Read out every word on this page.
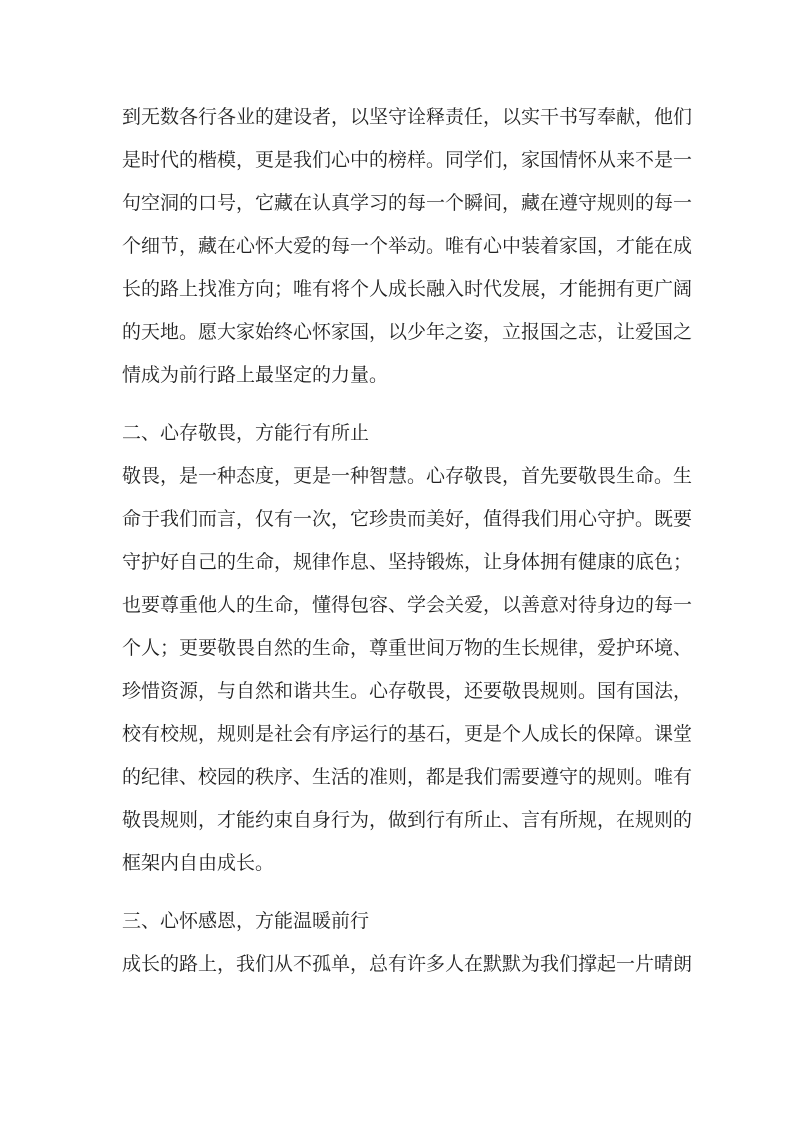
到无数各行各业的建设者，以坚守诠释责任，以实干书写奉献，他们
是时代的楷模，更是我们心中的榜样。同学们，家国情怀从来不是一
句空洞的口号，它藏在认真学习的每一个瞬间，藏在遵守规则的每一
个细节，藏在心怀大爱的每一个举动。唯有心中装着家国，才能在成
长的路上找准方向；唯有将个人成长融入时代发展，才能拥有更广阔
的天地。愿大家始终心怀家国，以少年之姿，立报国之志，让爱国之
情成为前行路上最坚定的力量。
二、心存敬畏，方能行有所止
敬畏，是一种态度，更是一种智慧。心存敬畏，首先要敬畏生命。生
命于我们而言，仅有一次，它珍贵而美好，值得我们用心守护。既要
守护好自己的生命，规律作息、坚持锻炼，让身体拥有健康的底色；
也要尊重他人的生命，懂得包容、学会关爱，以善意对待身边的每一
个人；更要敬畏自然的生命，尊重世间万物的生长规律，爱护环境、
珍惜资源，与自然和谐共生。心存敬畏，还要敬畏规则。国有国法，
校有校规，规则是社会有序运行的基石，更是个人成长的保障。课堂
的纪律、校园的秩序、生活的准则，都是我们需要遵守的规则。唯有
敬畏规则，才能约束自身行为，做到行有所止、言有所规，在规则的
框架内自由成长。
三、心怀感恩，方能温暖前行
成长的路上，我们从不孤单，总有许多人在默默为我们撑起一片晴朗
